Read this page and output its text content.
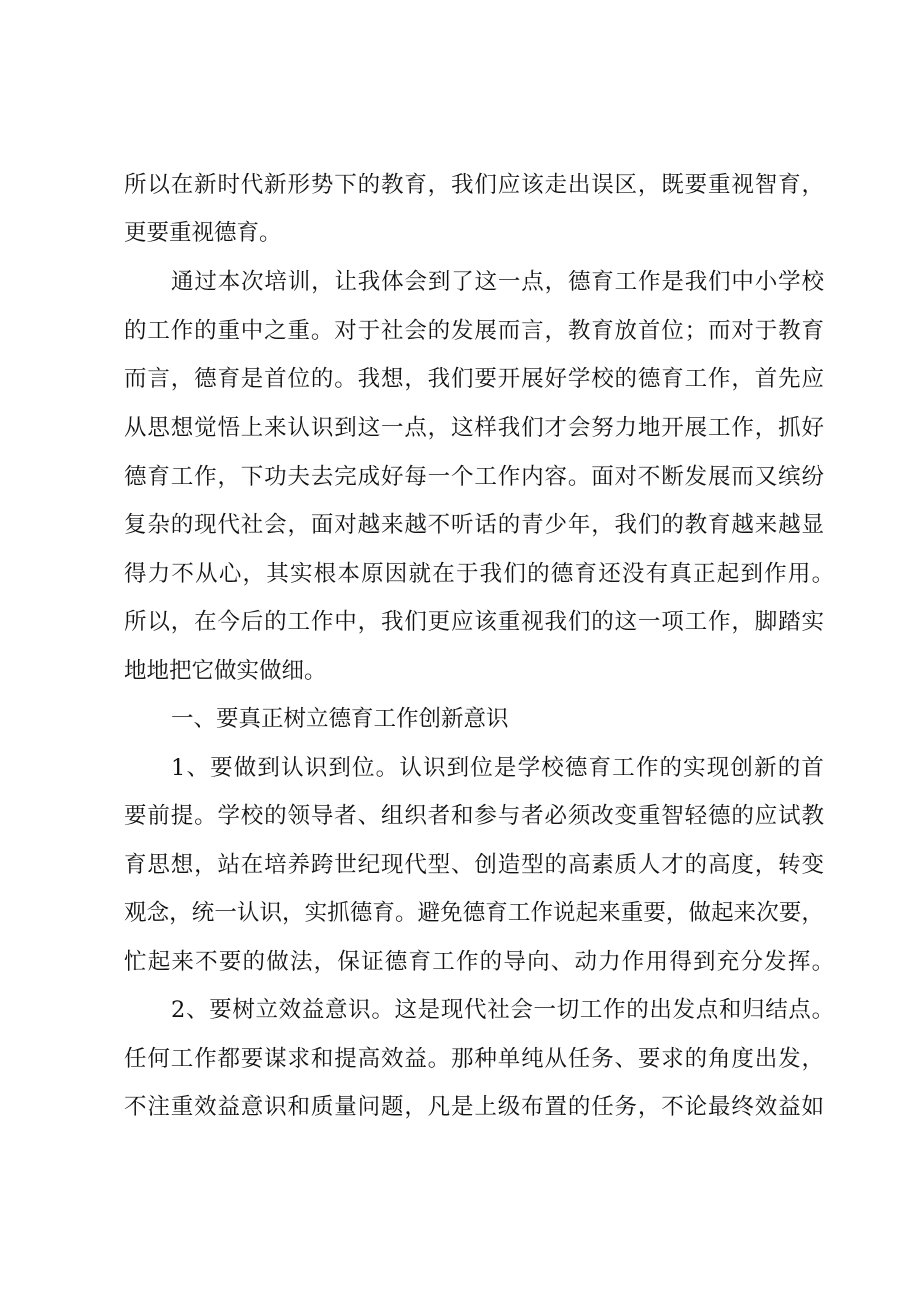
所以在新时代新形势下的教育，我们应该走出误区，既要重视智育，
更要重视德育。
通过本次培训，让我体会到了这一点，德育工作是我们中小学校
的工作的重中之重。对于社会的发展而言，教育放首位；而对于教育
而言，德育是首位的。我想，我们要开展好学校的德育工作，首先应
从思想觉悟上来认识到这一点，这样我们才会努力地开展工作，抓好
德育工作，下功夫去完成好每一个工作内容。面对不断发展而又缤纷
复杂的现代社会，面对越来越不听话的青少年，我们的教育越来越显
得力不从心，其实根本原因就在于我们的德育还没有真正起到作用。
所以，在今后的工作中，我们更应该重视我们的这一项工作，脚踏实
地地把它做实做细。
一、要真正树立德育工作创新意识
1、要做到认识到位。认识到位是学校德育工作的实现创新的首
要前提。学校的领导者、组织者和参与者必须改变重智轻德的应试教
育思想，站在培养跨世纪现代型、创造型的高素质人才的高度，转变
观念，统一认识，实抓德育。避免德育工作说起来重要，做起来次要，
忙起来不要的做法，保证德育工作的导向、动力作用得到充分发挥。
2、要树立效益意识。这是现代社会一切工作的出发点和归结点。
任何工作都要谋求和提高效益。那种单纯从任务、要求的角度出发，
不注重效益意识和质量问题，凡是上级布置的任务，不论最终效益如
